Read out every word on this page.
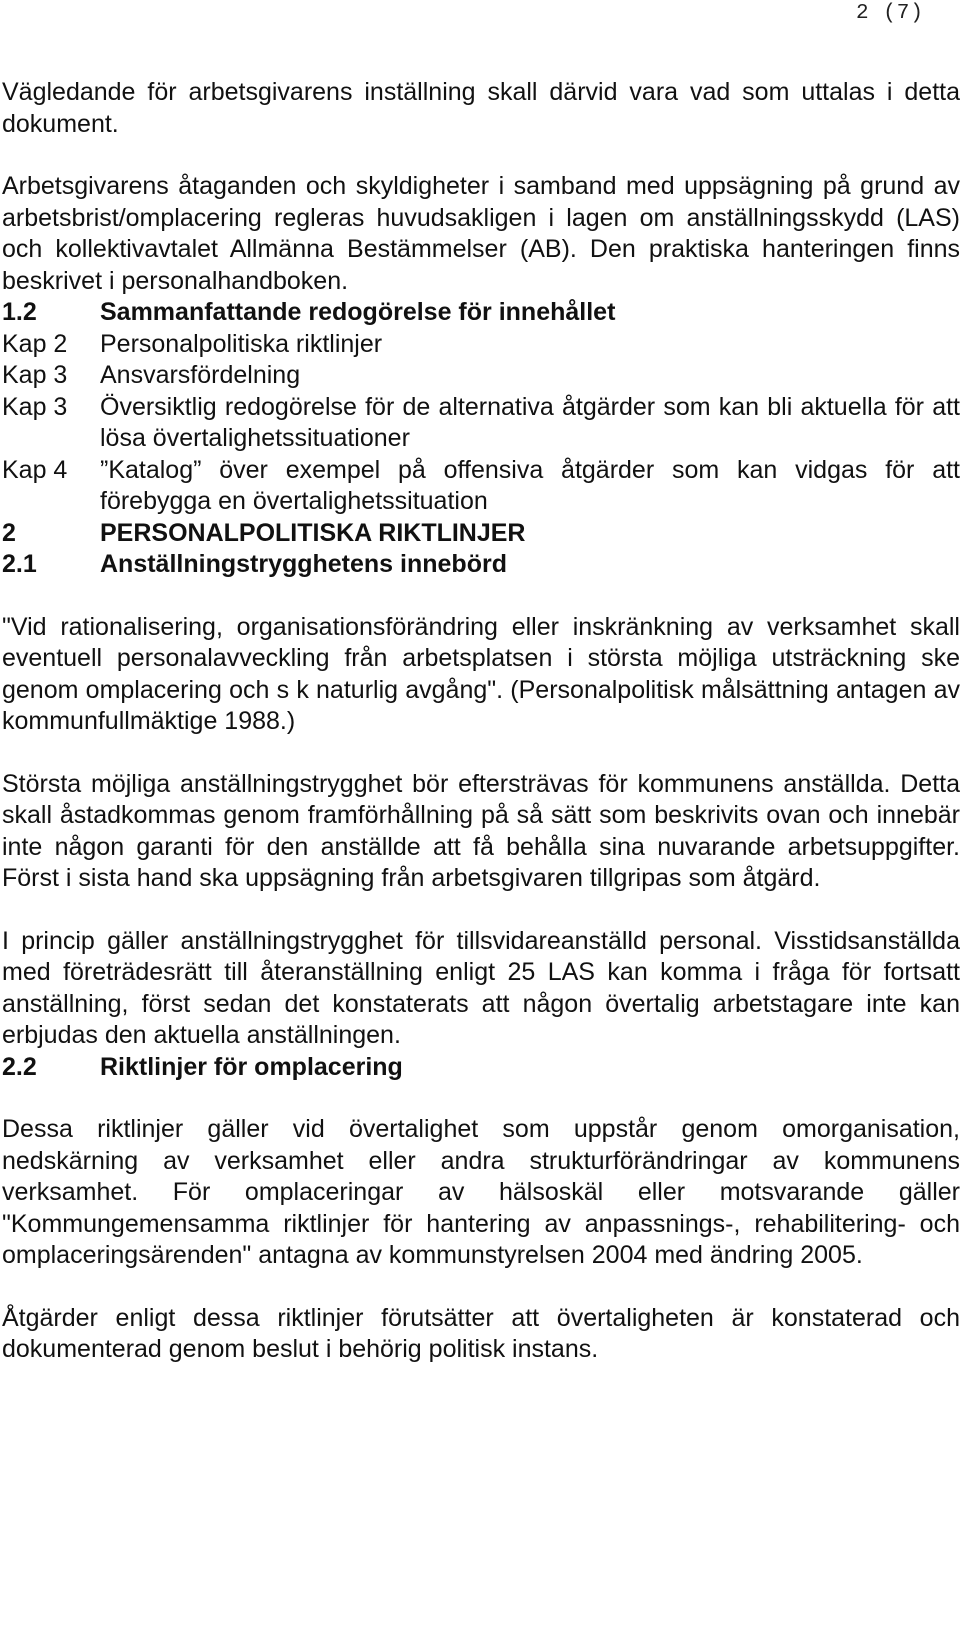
2 (7)

Vägledande för arbetsgivarens inställning skall därvid vara vad som uttalas i detta dokument.

Arbetsgivarens åtaganden och skyldigheter i samband med uppsägning på grund av arbetsbrist/omplacering regleras huvudsakligen i lagen om anställningsskydd (LAS) och kollektivavtalet Allmänna Bestämmelser (AB). Den praktiska hanteringen finns beskrivet i personalhandboken.

1.2	Sammanfattande redogörelse för innehållet
Kap 2	Personalpolitiska riktlinjer
Kap 3	Ansvarsfördelning
Kap 3	Översiktlig redogörelse för de alternativa åtgärder som kan bli aktuella för att lösa övertalighetssituationer
Kap 4	”Katalog” över exempel på offensiva åtgärder som kan vidgas för att förebygga en övertalighetssituation
2	PERSONALPOLITISKA RIKTLINJER
2.1	Anställningstrygghetens innebörd

"Vid rationalisering, organisationsförändring eller inskränkning av verksamhet skall eventuell personalavveckling från arbetsplatsen i största möjliga utsträckning ske genom omplacering och s k naturlig avgång". (Personalpolitisk målsättning antagen av kommunfullmäktige 1988.)

Största möjliga anställningstrygghet bör eftersträvas för kommunens anställda. Detta skall åstadkommas genom framförhållning på så sätt som beskrivits ovan och innebär inte någon garanti för den anställde att få behålla sina nuvarande arbetsuppgifter. Först i sista hand ska uppsägning från arbetsgivaren tillgripas som åtgärd.

I princip gäller anställningstrygghet för tillsvidareanställd personal. Visstidsanställda med företrädesrätt till återanställning enligt 25 LAS kan komma i fråga för fortsatt anställning, först sedan det konstaterats att någon övertalig arbetstagare inte kan erbjudas den aktuella anställningen.

2.2	Riktlinjer för omplacering

Dessa riktlinjer gäller vid övertalighet som uppstår genom omorganisation, nedskärning av verksamhet eller andra strukturförändringar av kommunens verksamhet. För omplaceringar av hälsoskäl eller motsvarande gäller "Kommungemensamma riktlinjer för hantering av anpassnings-, rehabilitering- och omplaceringsärenden" antagna av kommunstyrelsen 2004 med ändring 2005.

Åtgärder enligt dessa riktlinjer förutsätter att övertaligheten är konstaterad och dokumenterad genom beslut i behörig politisk instans.
